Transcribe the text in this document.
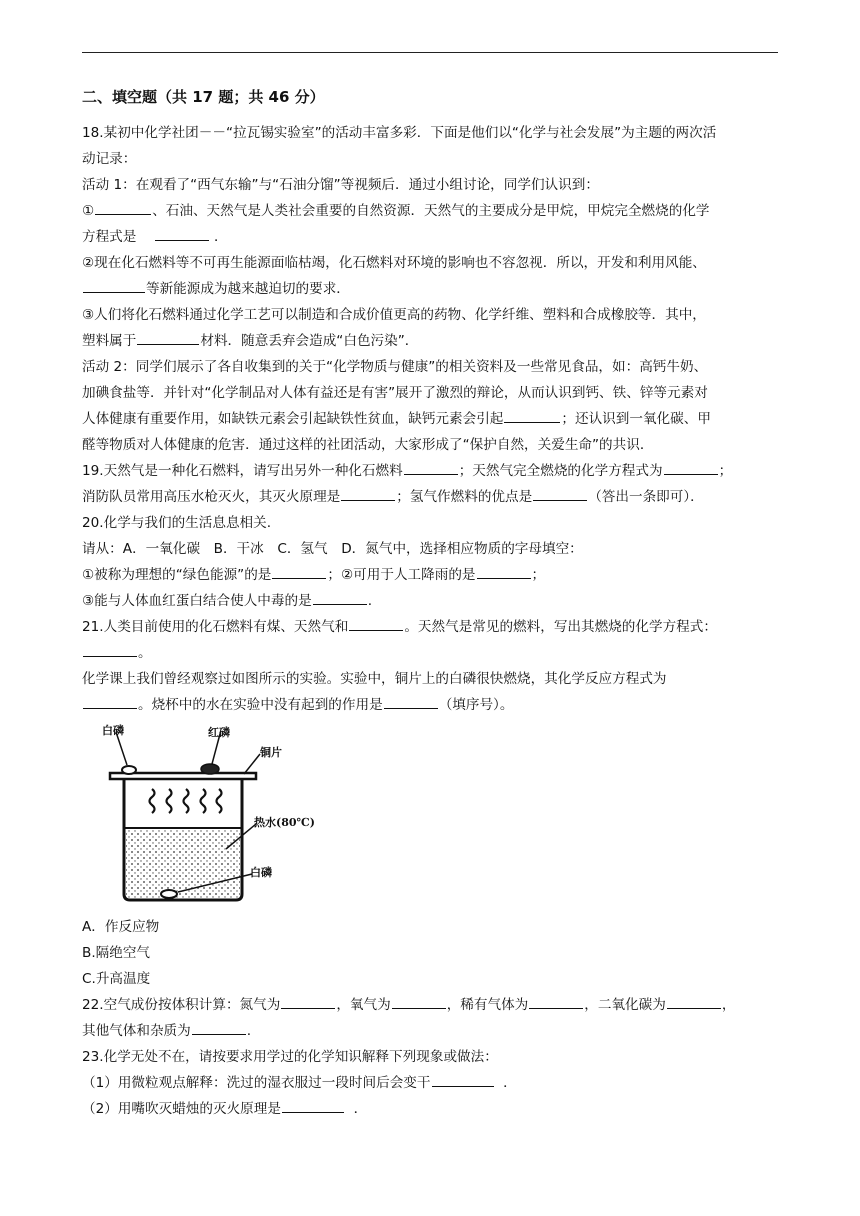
二、填空题（共 17 题；共 46 分）
18.某初中化学社团－－“拉瓦锡实验室”的活动丰富多彩．下面是他们以“化学与社会发展”为主题的两次活
动记录：
活动 1：在观看了“西气东输”与“石油分馏”等视频后．通过小组讨论，同学们认识到：
①	、石油、天然气是人类社会重要的自然资源．天然气的主要成分是甲烷，甲烷完全燃烧的化学
方程式是	．
②现在化石燃料等不可再生能源面临枯竭，化石燃料对环境的影响也不容忽视．所以，开发和利用风能、
等新能源成为越来越迫切的要求．
③人们将化石燃料通过化学工艺可以制造和合成价值更高的药物、化学纤维、塑料和合成橡胶等．其中，
塑料属于	材料．随意丢弃会造成“白色污染”．
活动 2：同学们展示了各自收集到的关于“化学物质与健康”的相关资料及一些常见食品，如：高钙牛奶、
加碘食盐等．并针对“化学制品对人体有益还是有害”展开了激烈的辩论，从而认识到钙、铁、锌等元素对
人体健康有重要作用，如缺铁元素会引起缺铁性贫血，缺钙元素会引起	；还认识到一氧化碳、甲
醛等物质对人体健康的危害．通过这样的社团活动，大家形成了“保护自然，关爱生命”的共识．
19.天然气是一种化石燃料，请写出另外一种化石燃料	；天然气完全燃烧的化学方程式为	；
消防队员常用高压水枪灭火，其灭火原理是	；氢气作燃料的优点是	（答出一条即可）．
20.化学与我们的生活息息相关.
请从：A．一氧化碳　B．干冰　C．氢气　D．氮气中，选择相应物质的字母填空：
①被称为理想的“绿色能源”的是	；②可用于人工降雨的是	；
③能与人体血红蛋白结合使人中毒的是	.
21.人类目前使用的化石燃料有煤、天然气和	。天然气是常见的燃料，写出其燃烧的化学方程式：
。
化学课上我们曾经观察过如图所示的实验。实验中，铜片上的白磷很快燃烧，其化学反应方程式为
。烧杯中的水在实验中没有起到的作用是	（填序号）。
白磷	红磷
铜片
热水(80℃)
白磷
A．作反应物
B.隔绝空气
C.升高温度
22.空气成份按体积计算：氮气为	，氧气为	，稀有气体为	，二氧化碳为	，
其他气体和杂质为	.
23.化学无处不在，请按要求用学过的化学知识解释下列现象或做法：
（1）用微粒观点解释：洗过的湿衣服过一段时间后会变干	．
（2）用嘴吹灭蜡烛的灭火原理是	．
